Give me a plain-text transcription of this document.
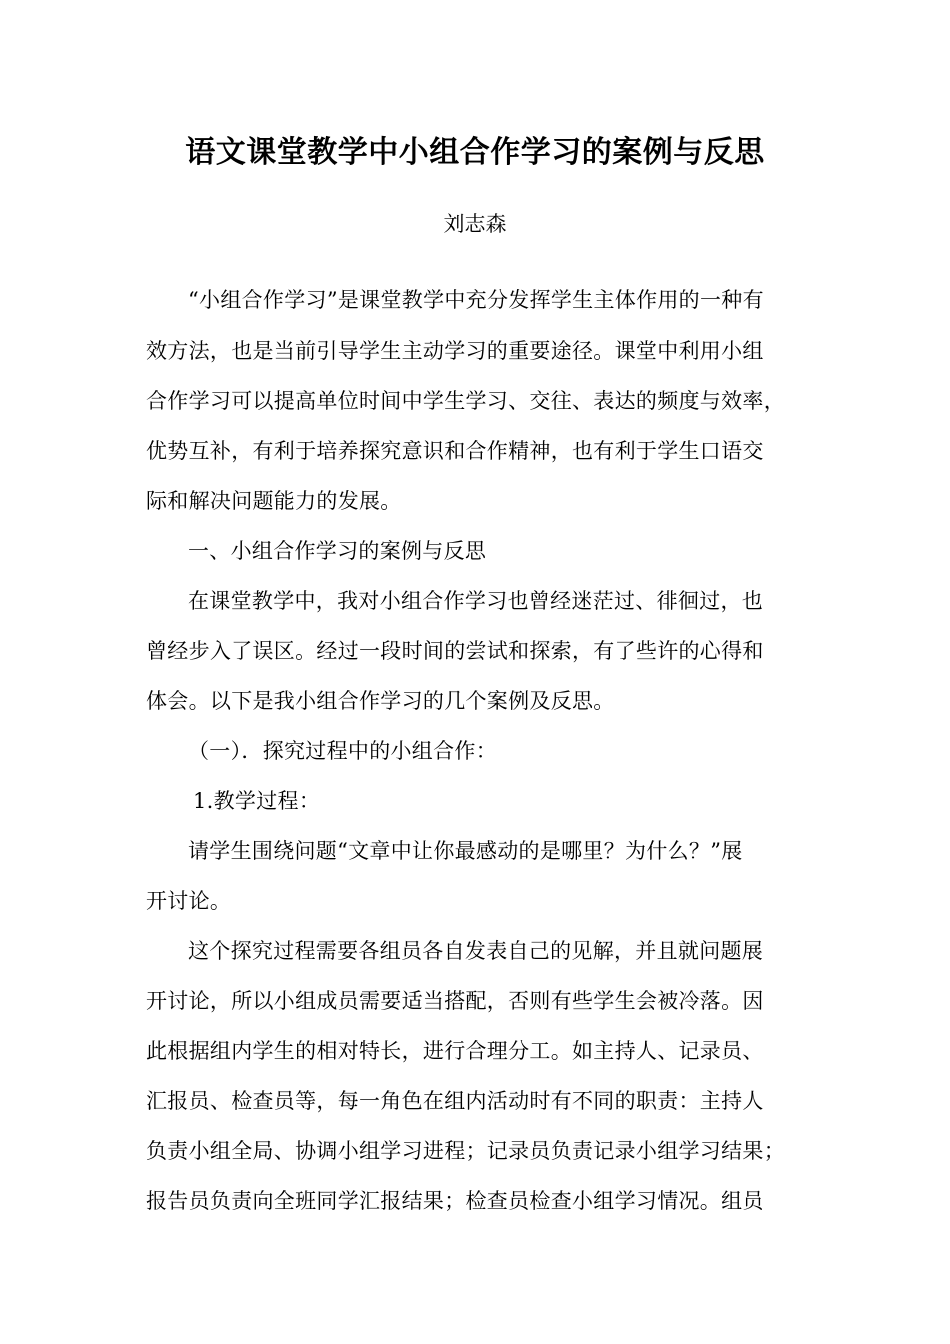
语文课堂教学中小组合作学习的案例与反思
刘志森
“小组合作学习”是课堂教学中充分发挥学生主体作用的一种有
效方法，也是当前引导学生主动学习的重要途径。课堂中利用小组
合作学习可以提高单位时间中学生学习、交往、表达的频度与效率，
优势互补，有利于培养探究意识和合作精神，也有利于学生口语交
际和解决问题能力的发展。
一、小组合作学习的案例与反思
在课堂教学中，我对小组合作学习也曾经迷茫过、徘徊过，也
曾经步入了误区。经过一段时间的尝试和探索，有了些许的心得和
体会。以下是我小组合作学习的几个案例及反思。
（一）．探究过程中的小组合作：
1.教学过程：
请学生围绕问题“文章中让你最感动的是哪里？为什么？”展
开讨论。
这个探究过程需要各组员各自发表自己的见解，并且就问题展
开讨论，所以小组成员需要适当搭配，否则有些学生会被冷落。因
此根据组内学生的相对特长，进行合理分工。如主持人、记录员、
汇报员、检查员等，每一角色在组内活动时有不同的职责：主持人
负责小组全局、协调小组学习进程；记录员负责记录小组学习结果；
报告员负责向全班同学汇报结果；检查员检查小组学习情况。组员
